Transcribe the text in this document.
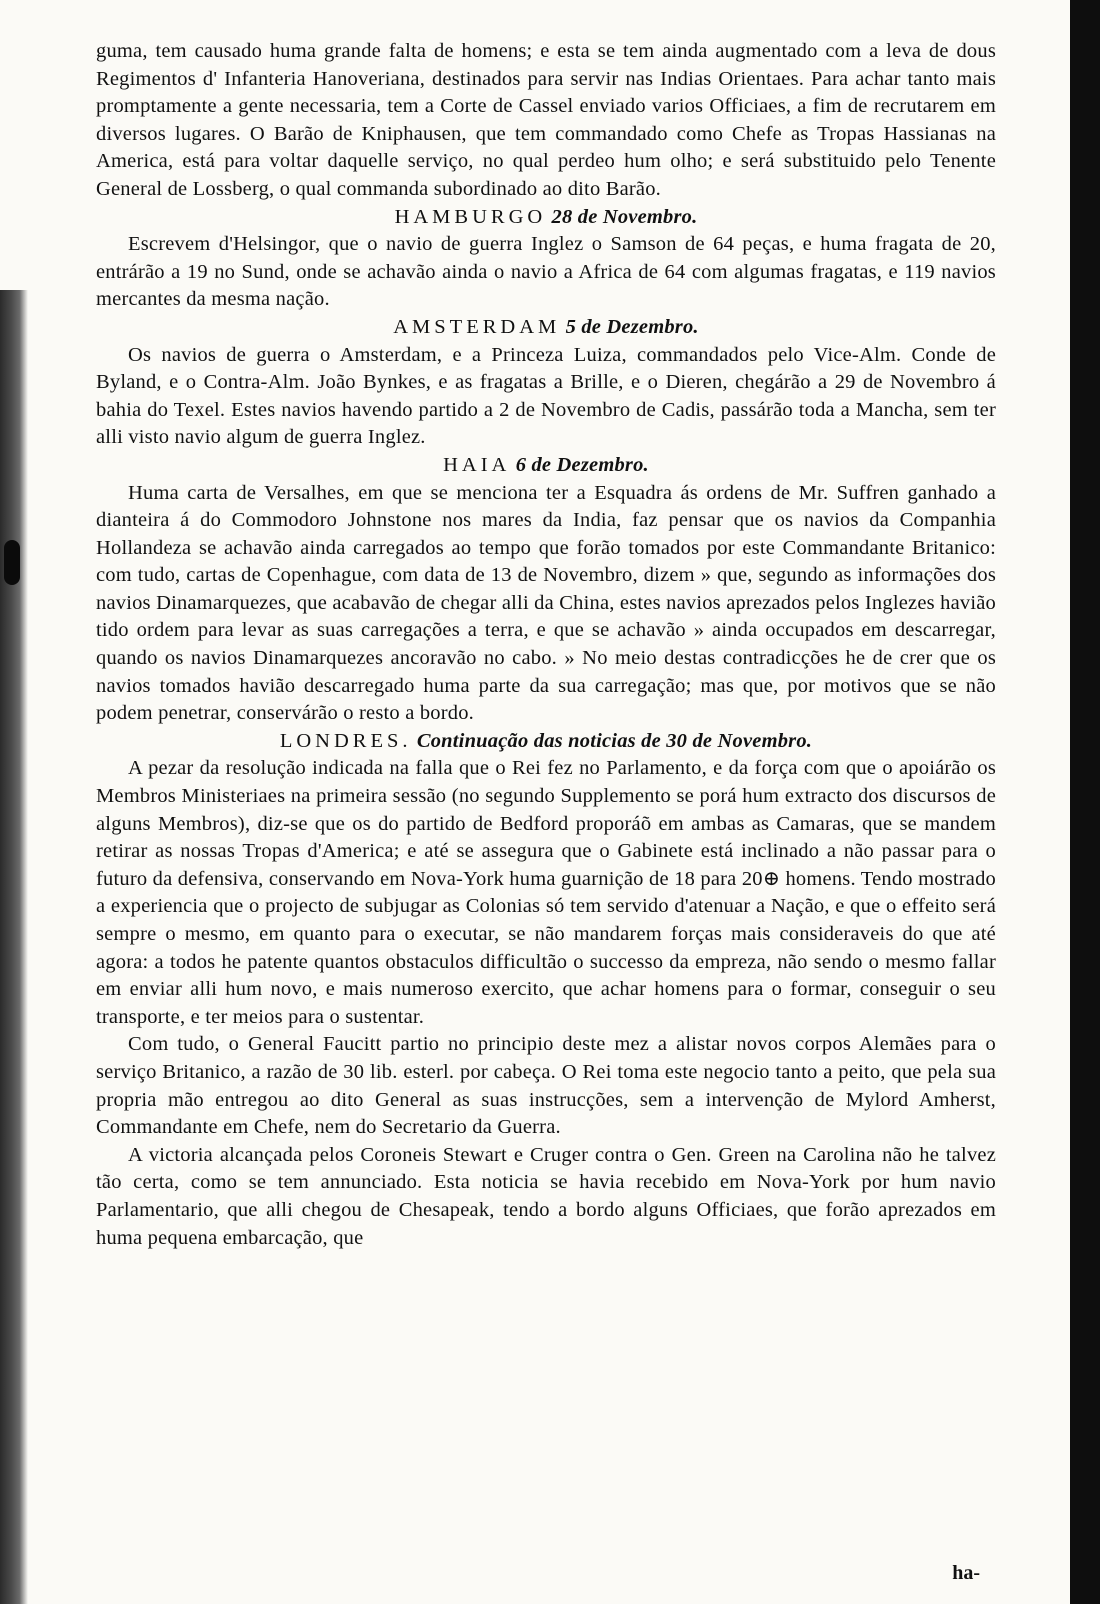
guma, tem causado huma grande falta de homens; e esta se tem ainda augmentado com a leva de dous Regimentos d' Infanteria Hanoveriana, destinados para servir nas Indias Orientaes. Para achar tanto mais promptamente a gente necessaria, tem a Corte de Cassel enviado varios Officiaes, a fim de recrutarem em diversos lugares. O Barão de Kniphausen, que tem commandado como Chefe as Tropas Hassianas na America, está para voltar daquelle serviço, no qual perdeo hum olho; e será substituido pelo Tenente General de Lossberg, o qual commanda subordinado ao dito Barão.

HAMBURGO 28 de Novembro.

Escrevem d'Helsingor, que o navio de guerra Inglez o Samson de 64 peças, e huma fragata de 20, entrárão a 19 no Sund, onde se achavão ainda o navio a Africa de 64 com algumas fragatas, e 119 navios mercantes da mesma nação.

AMSTERDAM 5 de Dezembro.

Os navios de guerra o Amsterdam, e a Princeza Luiza, commandados pelo Vice-Alm. Conde de Byland, e o Contra-Alm. João Bynkes, e as fragatas a Brille, e o Dieren, chegárão a 29 de Novembro á bahia do Texel. Estes navios havendo partido a 2 de Novembro de Cadis, passárão toda a Mancha, sem ter alli visto navio algum de guerra Inglez.

HAIA 6 de Dezembro.

Huma carta de Versalhes, em que se menciona ter a Esquadra ás ordens de Mr. Suffren ganhado a dianteira á do Commodoro Johnstone nos mares da India, faz pensar que os navios da Companhia Hollandeza se achavão ainda carregados ao tempo que forão tomados por este Commandante Britanico: com tudo, cartas de Copenhague, com data de 13 de Novembro, dizem » que, segundo as informações dos navios Dinamarquezes, que acabavão de chegar alli da China, estes navios aprezados pelos Inglezes havião tido ordem para levar as suas carregações a terra, e que se achavão » ainda occupados em descarregar, quando os navios Dinamarquezes ancoravão no cabo. » No meio destas contradicções he de crer que os navios tomados havião descarregado huma parte da sua carregação; mas que, por motivos que se não podem penetrar, conservárão o resto a bordo.

LONDRES. Continuação das noticias de 30 de Novembro.

A pezar da resolução indicada na falla que o Rei fez no Parlamento, e da força com que o apoiárão os Membros Ministeriaes na primeira sessão (no segundo Supplemento se porá hum extracto dos discursos de alguns Membros), diz-se que os do partido de Bedford proporáõ em ambas as Camaras, que se mandem retirar as nossas Tropas d'America; e até se assegura que o Gabinete está inclinado a não passar para o futuro da defensiva, conservando em Nova-York huma guarnição de 18 para 20⊕ homens. Tendo mostrado a experiencia que o projecto de subjugar as Colonias só tem servido d'atenuar a Nação, e que o effeito será sempre o mesmo, em quanto para o executar, se não mandarem forças mais consideraveis do que até agora: a todos he patente quantos obstaculos difficultão o successo da empreza, não sendo o mesmo fallar em enviar alli hum novo, e mais numeroso exercito, que achar homens para o formar, conseguir o seu transporte, e ter meios para o sustentar.

Com tudo, o General Faucitt partio no principio deste mez a alistar novos corpos Alemães para o serviço Britanico, a razão de 30 lib. esterl. por cabeça. O Rei toma este negocio tanto a peito, que pela sua propria mão entregou ao dito General as suas instrucções, sem a intervenção de Mylord Amherst, Commandante em Chefe, nem do Secretario da Guerra.

A victoria alcançada pelos Coroneis Stewart e Cruger contra o Gen. Green na Carolina não he talvez tão certa, como se tem annunciado. Esta noticia se havia recebido em Nova-York por hum navio Parlamentario, que alli chegou de Chesapeak, tendo a bordo alguns Officiaes, que forão aprezados em huma pequena embarcação, que

ha-
